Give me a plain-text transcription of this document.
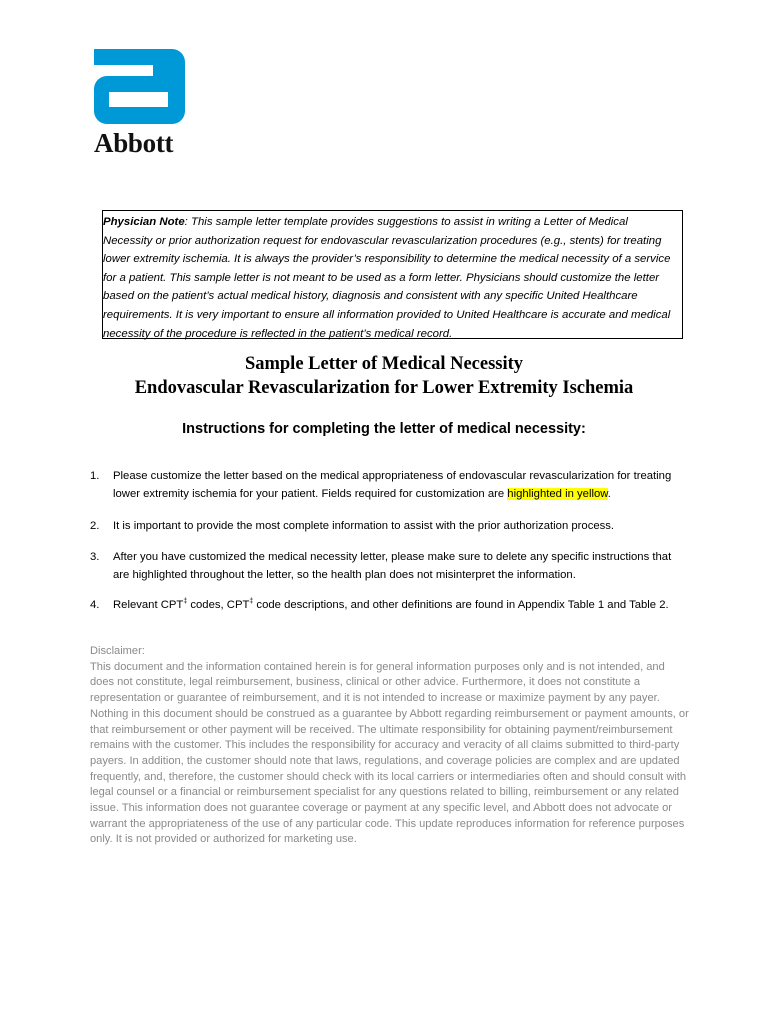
Abbott
Physician Note: This sample letter template provides suggestions to assist in writing a Letter of Medical Necessity or prior authorization request for endovascular revascularization procedures (e.g., stents) for treating lower extremity ischemia. It is always the provider’s responsibility to determine the medical necessity of a service for a patient. This sample letter is not meant to be used as a form letter. Physicians should customize the letter based on the patient’s actual medical history, diagnosis and consistent with any specific United Healthcare requirements. It is very important to ensure all information provided to United Healthcare is accurate and medical necessity of the procedure is reflected in the patient’s medical record.
Sample Letter of Medical Necessity
Endovascular Revascularization for Lower Extremity Ischemia
Instructions for completing the letter of medical necessity:
1. Please customize the letter based on the medical appropriateness of endovascular revascularization for treating lower extremity ischemia for your patient. Fields required for customization are highlighted in yellow.
2. It is important to provide the most complete information to assist with the prior authorization process.
3. After you have customized the medical necessity letter, please make sure to delete any specific instructions that are highlighted throughout the letter, so the health plan does not misinterpret the information.
4. Relevant CPT‡ codes, CPT‡ code descriptions, and other definitions are found in Appendix Table 1 and Table 2.
Disclaimer:
This document and the information contained herein is for general information purposes only and is not intended, and does not constitute, legal reimbursement, business, clinical or other advice. Furthermore, it does not constitute a representation or guarantee of reimbursement, and it is not intended to increase or maximize payment by any payer. Nothing in this document should be construed as a guarantee by Abbott regarding reimbursement or payment amounts, or that reimbursement or other payment will be received. The ultimate responsibility for obtaining payment/reimbursement remains with the customer. This includes the responsibility for accuracy and veracity of all claims submitted to third-party payers. In addition, the customer should note that laws, regulations, and coverage policies are complex and are updated frequently, and, therefore, the customer should check with its local carriers or intermediaries often and should consult with legal counsel or a financial or reimbursement specialist for any questions related to billing, reimbursement or any related issue. This information does not guarantee coverage or payment at any specific level, and Abbott does not advocate or warrant the appropriateness of the use of any particular code. This update reproduces information for reference purposes only. It is not provided or authorized for marketing use.
